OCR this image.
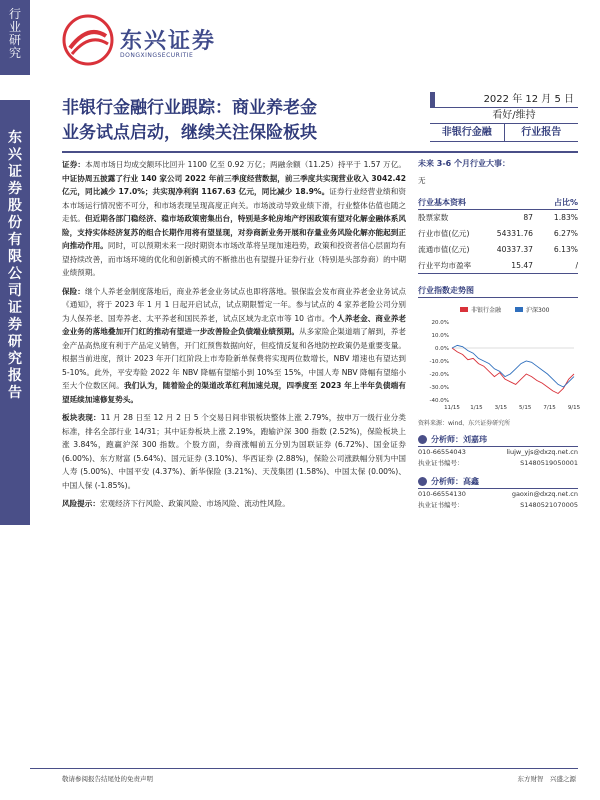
行业研究
东兴证券股份有限公司证券研究报告
东兴证券
DONGXINGSECURITIE
非银行金融行业跟踪：商业养老金
业务试点启动，继续关注保险板块
2022 年 12 月 5 日
看好/维持
非银行金融	行业报告

证券：本周市场日均成交额环比回升 1100 亿至 0.92 万亿；两融余额（11.25）持平于 1.57 万亿。中证协周五披露了行业 140 家公司 2022 年前三季度经营数据，前三季度共实现营业收入 3042.42 亿元，同比减少 17.0%；共实现净利润 1167.63 亿元，同比减少 18.9%。证券行业经营业绩和资本市场运行情况密不可分，和市场表现呈现高度正向关。市场波动导致业绩下滑，行业整体估值也随之走低。但近期各部门稳经济、稳市场政策密集出台，特别是多轮房地产纾困政策有望对化解金融体系风险，支持实体经济复苏的组合长期作用将有望显现，对券商新业务开展和存量业务风险化解亦能起到正向推动作用。同时，可以预期未来一段时期资本市场改革将呈现加速趋势，政策和投资者信心层面均有望持续改善，而市场环境的优化和创新模式的不断推出也有望提升证券行业（特别是头部券商）的中期业绩预期。

保险：继个人养老金制度落地后，商业养老金业务试点也即将落地。银保监会发布商业养老金业务试点《通知》，将于 2023 年 1 月 1 日起开启试点，试点期限暂定一年。参与试点的 4 家养老险公司分别为人保养老、国寿养老、太平养老和国民养老，试点区域为北京市等 10 省市。个人养老金、商业养老金业务的落地叠加开门红的推动有望进一步改善险企负债端业绩预期。从多家险企渠道端了解到，养老金产品高热度有利于产品定义销售，开门红预售数据向好，但疫情反复和各地防控政策仍是重要变量。根据当前进度，预计 2023 年开门红阶段上市寿险新单保费将实现两位数增长，NBV 增速也有望达到 5-10%。此外，平安寿险 2022 年 NBV 降幅有望缩小到 10%至 15%，中国人寿 NBV 降幅有望缩小至大个位数区间。我们认为，随着险企的渠道改革红利加速兑现，四季度至 2023 年上半年负债端有望延续加速修复势头。

板块表现：11 月 28 日至 12 月 2 日 5 个交易日间非银板块整体上涨 2.79%，按申万一级行业分类标准，排名全部行业 14/31；其中证券板块上涨 2.19%，跑输沪深 300 指数 (2.52%)，保险板块上涨 3.84%，跑赢沪深 300 指数。个股方面，券商涨幅前五分别为国联证券 (6.72%)、国金证券 (6.00%)、东方财富 (5.64%)、国元证券 (3.10%)、华西证券 (2.88%)，保险公司涨跌幅分别为中国人寿 (5.00%)、中国平安 (4.37%)、新华保险 (3.21%)、天茂集团 (1.58%)、中国太保 (0.00%)、中国人保 (-1.85%)。

风险提示：宏观经济下行风险、政策风险、市场风险、流动性风险。

未来 3-6 个月行业大事：
无
行业基本资料	占比%
股票家数	87	1.83%
行业市值(亿元)	54331.76	6.27%
流通市值(亿元)	40337.37	6.13%
行业平均市盈率	15.47	/
行业指数走势图
20.0%
10.0%
0.0%
-10.0%
-20.0%
-30.0%
-40.0%
11/15 1/15 3/15 5/15 7/15 9/15
非银行金融	沪深300
资料来源：wind、东兴证券研究所
分析师：刘嘉玮
010-66554043	liujw_yjs@dxzq.net.cn
执业证书编号：	S1480519050001
分析师：高鑫
010-66554130	gaoxin@dxzq.net.cn
执业证书编号：	S1480521070005
敬请参阅报告结尾处的免责声明	东方财智　兴盛之源
